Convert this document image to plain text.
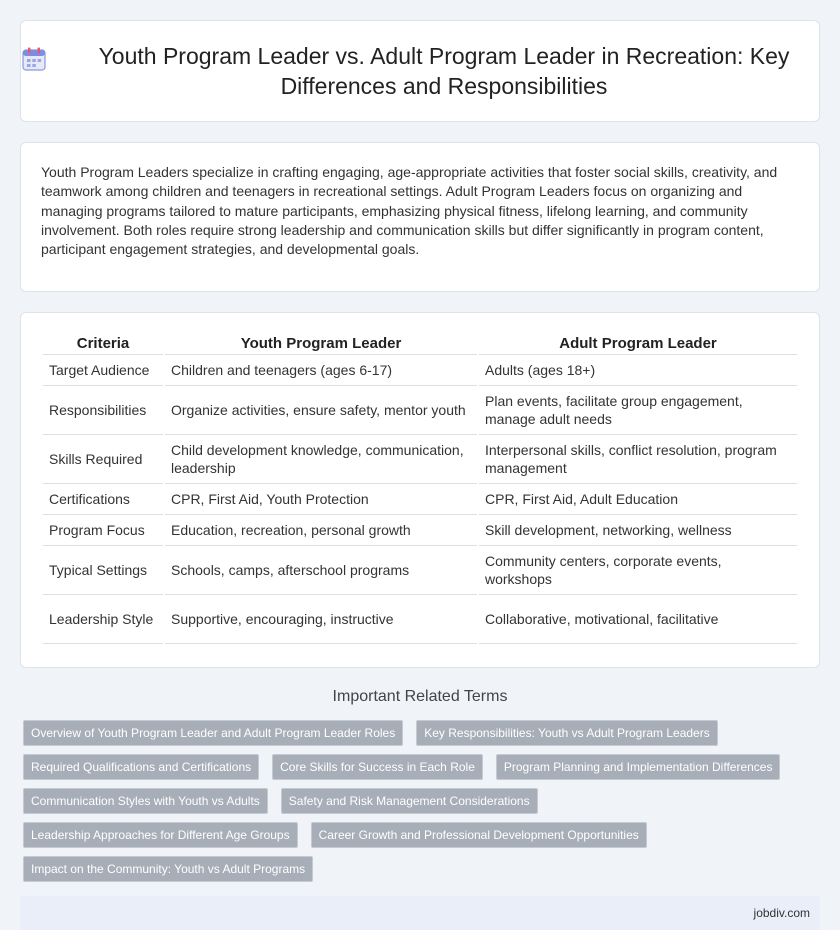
Youth Program Leader vs. Adult Program Leader in Recreation: Key Differences and Responsibilities

Youth Program Leaders specialize in crafting engaging, age-appropriate activities that foster social skills, creativity, and teamwork among children and teenagers in recreational settings. Adult Program Leaders focus on organizing and managing programs tailored to mature participants, emphasizing physical fitness, lifelong learning, and community involvement. Both roles require strong leadership and communication skills but differ significantly in program content, participant engagement strategies, and developmental goals.

Criteria	Youth Program Leader	Adult Program Leader
Target Audience	Children and teenagers (ages 6-17)	Adults (ages 18+)
Responsibilities	Organize activities, ensure safety, mentor youth	Plan events, facilitate group engagement, manage adult needs
Skills Required	Child development knowledge, communication, leadership	Interpersonal skills, conflict resolution, program management
Certifications	CPR, First Aid, Youth Protection	CPR, First Aid, Adult Education
Program Focus	Education, recreation, personal growth	Skill development, networking, wellness
Typical Settings	Schools, camps, afterschool programs	Community centers, corporate events, workshops
Leadership Style	Supportive, encouraging, instructive	Collaborative, motivational, facilitative
Important Related Terms
Overview of Youth Program Leader and Adult Program Leader Roles	Key Responsibilities: Youth vs Adult Program Leaders
Required Qualifications and Certifications	Core Skills for Success in Each Role	Program Planning and Implementation Differences
Communication Styles with Youth vs Adults	Safety and Risk Management Considerations
Leadership Approaches for Different Age Groups	Career Growth and Professional Development Opportunities
Impact on the Community: Youth vs Adult Programs
jobdiv.com
